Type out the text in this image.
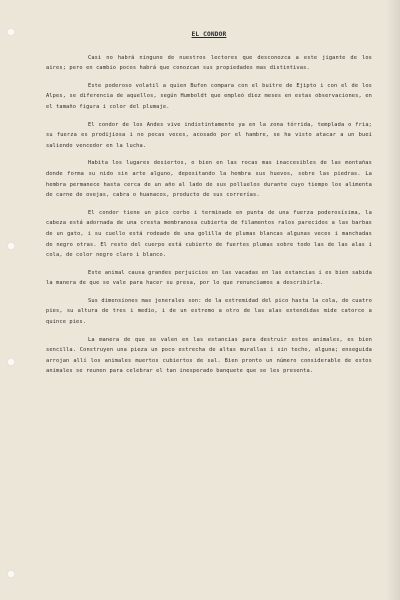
EL CONDOR

Casi no habrá ninguno de nuestros lectores que desconozca a este jigante de los aires; pero en cambio pocos habrá que conozcan sus propiedades mas distintivas.

Este poderoso volatil a quien Bufon compara con el buitre de Ejipto i con el de los Alpes, se diferencia de aquellos, según Humboldt que empleó diez meses en estas observaciones, en el tamaño figura i color del plumaje.

El condor de los Andes vive indistintamente ya en la zona tórrida, templada o fria; su fuerza es prodijiosa i no pocas veces, acosado por el hambre, se ha visto atacar a un buei saliendo vencedor en la lucha.

Habita los lugares desiertos, o bien en las rocas mas inaccesibles de las montañas donde forma su nido sin arte alguno, depositando la hembra sus huevos, sobre las piedras. La hembra permanece hasta cerca de un año al lado de sus polluelos durante cuyo tiempo los alimenta de carne de ovejas, cabra o huanacos, producto de sus correrías.

El condor tiene un pico corbo i terminado en punta de una fuerza poderosísima, la cabeza está adornada de una cresta membranosa cubierta de filamentos ralos parecidos a las barbas de un gato, i su cuello está rodeado de una golilla de plumas blancas algunas veces i manchadas de negro otras. El resto del cuerpo está cubierto de fuertes plumas sobre todo las de las alas i cola, de color negro claro i blanco.

Este animal causa grandes perjuicios en las vacadas en las estancias i es bien sabida la manera de que se vale para hacer su presa, por lo que renunciamos a describirla.

Sus dimensiones mas jenerales son: de la extremidad del pico hasta la cola, de cuatro pies, su altura de tres i medio, i de un estremo a otro de las alas extendidas mide catorce a quince pies.

La manera de que se valen en las estancias para destruir estos animales, es bien sencilla. Construyen una pieza un poco estrecha de altas murallas i sin techo, alguna; enseguida arrojan allí los animales muertos cubiertos de sal. Bien pronto un número considerable de estos animales se reunen para celebrar el tan inesperado banquete que se les presenta.
